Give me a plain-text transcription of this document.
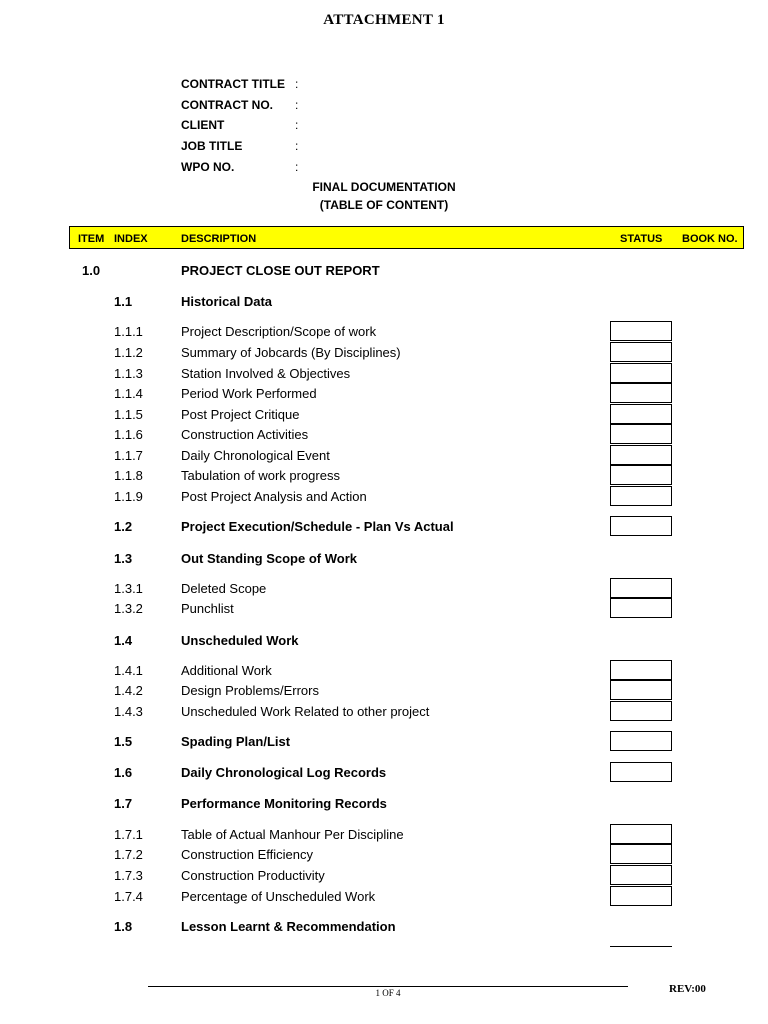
ATTACHMENT 1
CONTRACT TITLE :
CONTRACT NO. :
CLIENT	:
JOB TITLE	:
WPO NO.	:
FINAL DOCUMENTATION
(TABLE OF CONTENT)
ITEM INDEX	DESCRIPTION	STATUS BOOK NO.
1.0	PROJECT CLOSE OUT REPORT
1.1	Historical Data
1.1.1	Project Description/Scope of work
1.1.2	Summary of Jobcards (By Disciplines)
1.1.3	Station Involved & Objectives
1.1.4	Period Work Performed
1.1.5	Post Project Critique
1.1.6	Construction Activities
1.1.7	Daily Chronological Event
1.1.8	Tabulation of work progress
1.1.9	Post Project Analysis and Action
1.2	Project Execution/Schedule - Plan Vs Actual
1.3	Out Standing Scope of Work
1.3.1	Deleted Scope
1.3.2	Punchlist
1.4	Unscheduled Work
1.4.1	Additional Work
1.4.2	Design Problems/Errors
1.4.3	Unscheduled Work Related to other project
1.5	Spading Plan/List
1.6	Daily Chronological Log Records
1.7	Performance Monitoring Records
1.7.1	Table of Actual Manhour Per Discipline
1.7.2	Construction Efficiency
1.7.3	Construction Productivity
1.7.4	Percentage of Unscheduled Work
1.8	Lesson Learnt & Recommendation
1 OF 4	REV:00
